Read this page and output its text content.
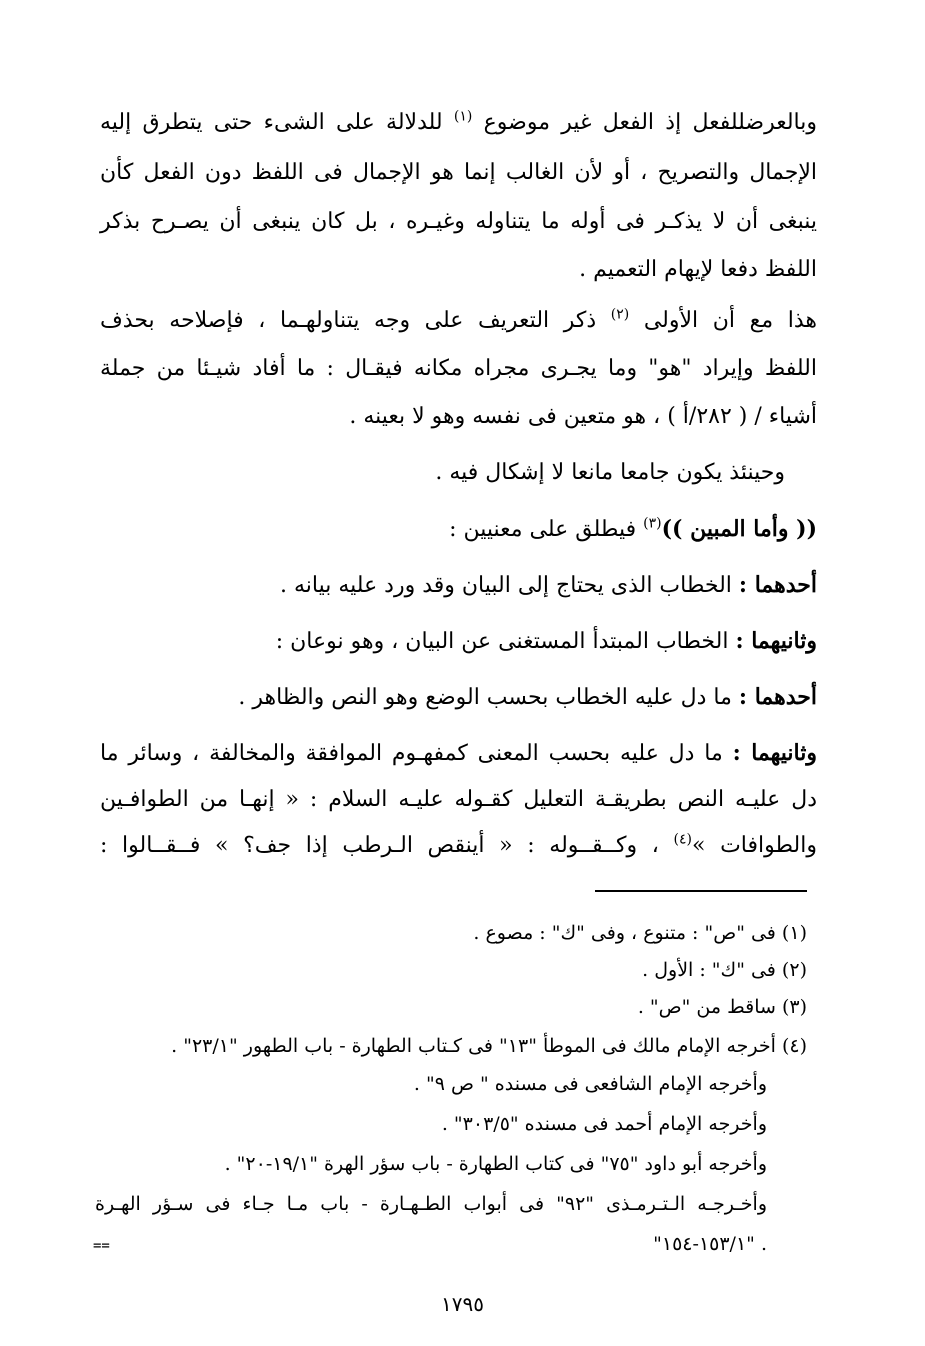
وبالعرضللفعل إذ الفعل غير موضوع $^{(١)}$ للدلالة على الشىء حتى يتطرق إليه
الإجمال والتصريح ، أو لأن الغالب إنما هو الإجمال فى اللفظ دون الفعل كأن
ينبغى أن لا يذكـر فى أوله ما يتناوله وغيـره ، بل كان ينبغى أن يصـرح بذكر
اللفظ دفعا لإيهام التعميم .
هذا مع أن الأولى $^{(٢)}$ ذكر التعريف على وجه يتناولهـما ، فإصلاحه بحذف
اللفظ وإيراد "هو" وما يجـرى مجراه مكانه فيقـال : ما أفاد شيـئا من جملة
أشياء / ( ٢٨٢/أ ) ، هو متعين فى نفسه وهو لا بعينه .
وحينئذ يكون جامعا مانعا لا إشكال فيه .
(( وأما المبين ))$^{(٣)}$ فيطلق على معنيين :
أحدهما : الخطاب الذى يحتاج إلى البيان وقد ورد عليه بيانه .
وثانيهما : الخطاب المبتدأ المستغنى عن البيان ، وهو نوعان :
أحدهما : ما دل عليه الخطاب بحسب الوضع وهو النص والظاهر .
وثانيهما : ما دل عليه بحسب المعنى كمفهـوم الموافقة والمخالفة ، وسائر ما
دل عليـه النص بطريقـة التعليل كقـوله عليـه السلام : « إنهـا من الطوافـين
والطوافات »$^{(٤)}$ ، وكــقــوله : « أينقص الـرطب إذا جف؟ » فــقــالوا :
(١) فى "ص" : متنوع ، وفى "ك" : مصوع .
(٢) فى "ك" : الأول .
(٣) ساقط من "ص" .
(٤) أخرجه الإمام مالك فى الموطأ "١٣" فى كـتاب الطهارة - باب الطهور "٢٣/١" .
وأخرجه الإمام الشافعى فى مسنده " ص ٩" .
وأخرجه الإمام أحمد فى مسنده "٣٠٣/٥" .
وأخرجه أبو داود "٧٥" فى كتاب الطهارة - باب سؤر الهرة "١٩/١-٢٠" .
وأخـرجـه الـتـرمـذى "٩٢" فى أبواب الطـهـارة - باب مـا جـاء فى سـؤر الهـرة
. "١٥٣/١-١٥٤"
==
١٧٩٥
